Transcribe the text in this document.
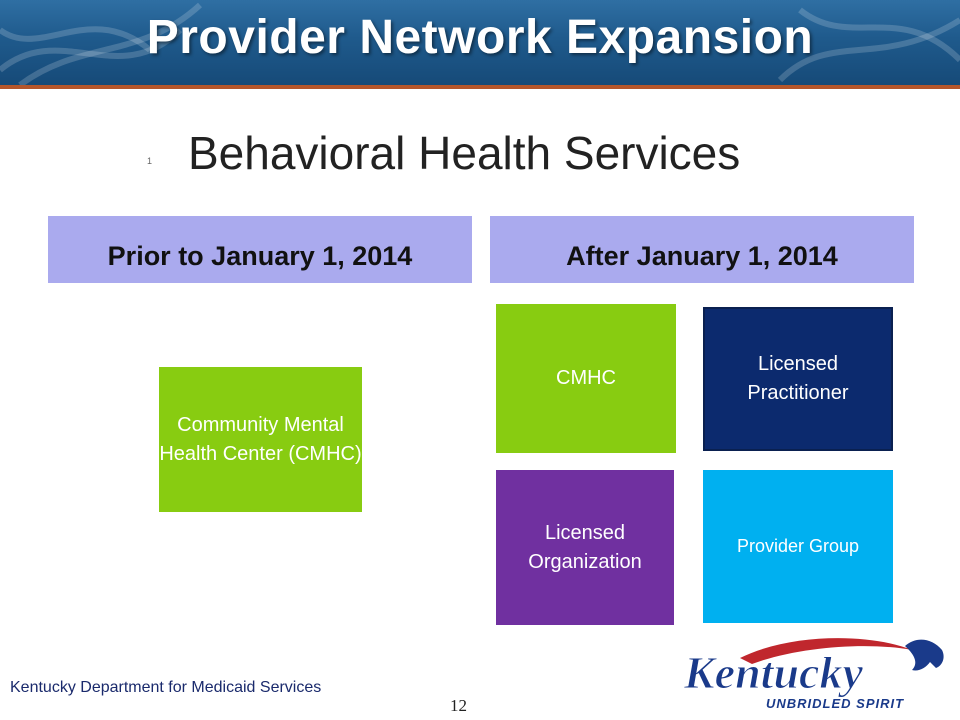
Provider Network Expansion
1 Behavioral Health Services
Prior to January 1, 2014	After January 1, 2014
Community Mental Health Center (CMHC)
CMHC
Licensed Practitioner
Licensed Organization
Provider Group
Kentucky Department for Medicaid Services
12
Kentucky
UNBRIDLED SPIRIT
